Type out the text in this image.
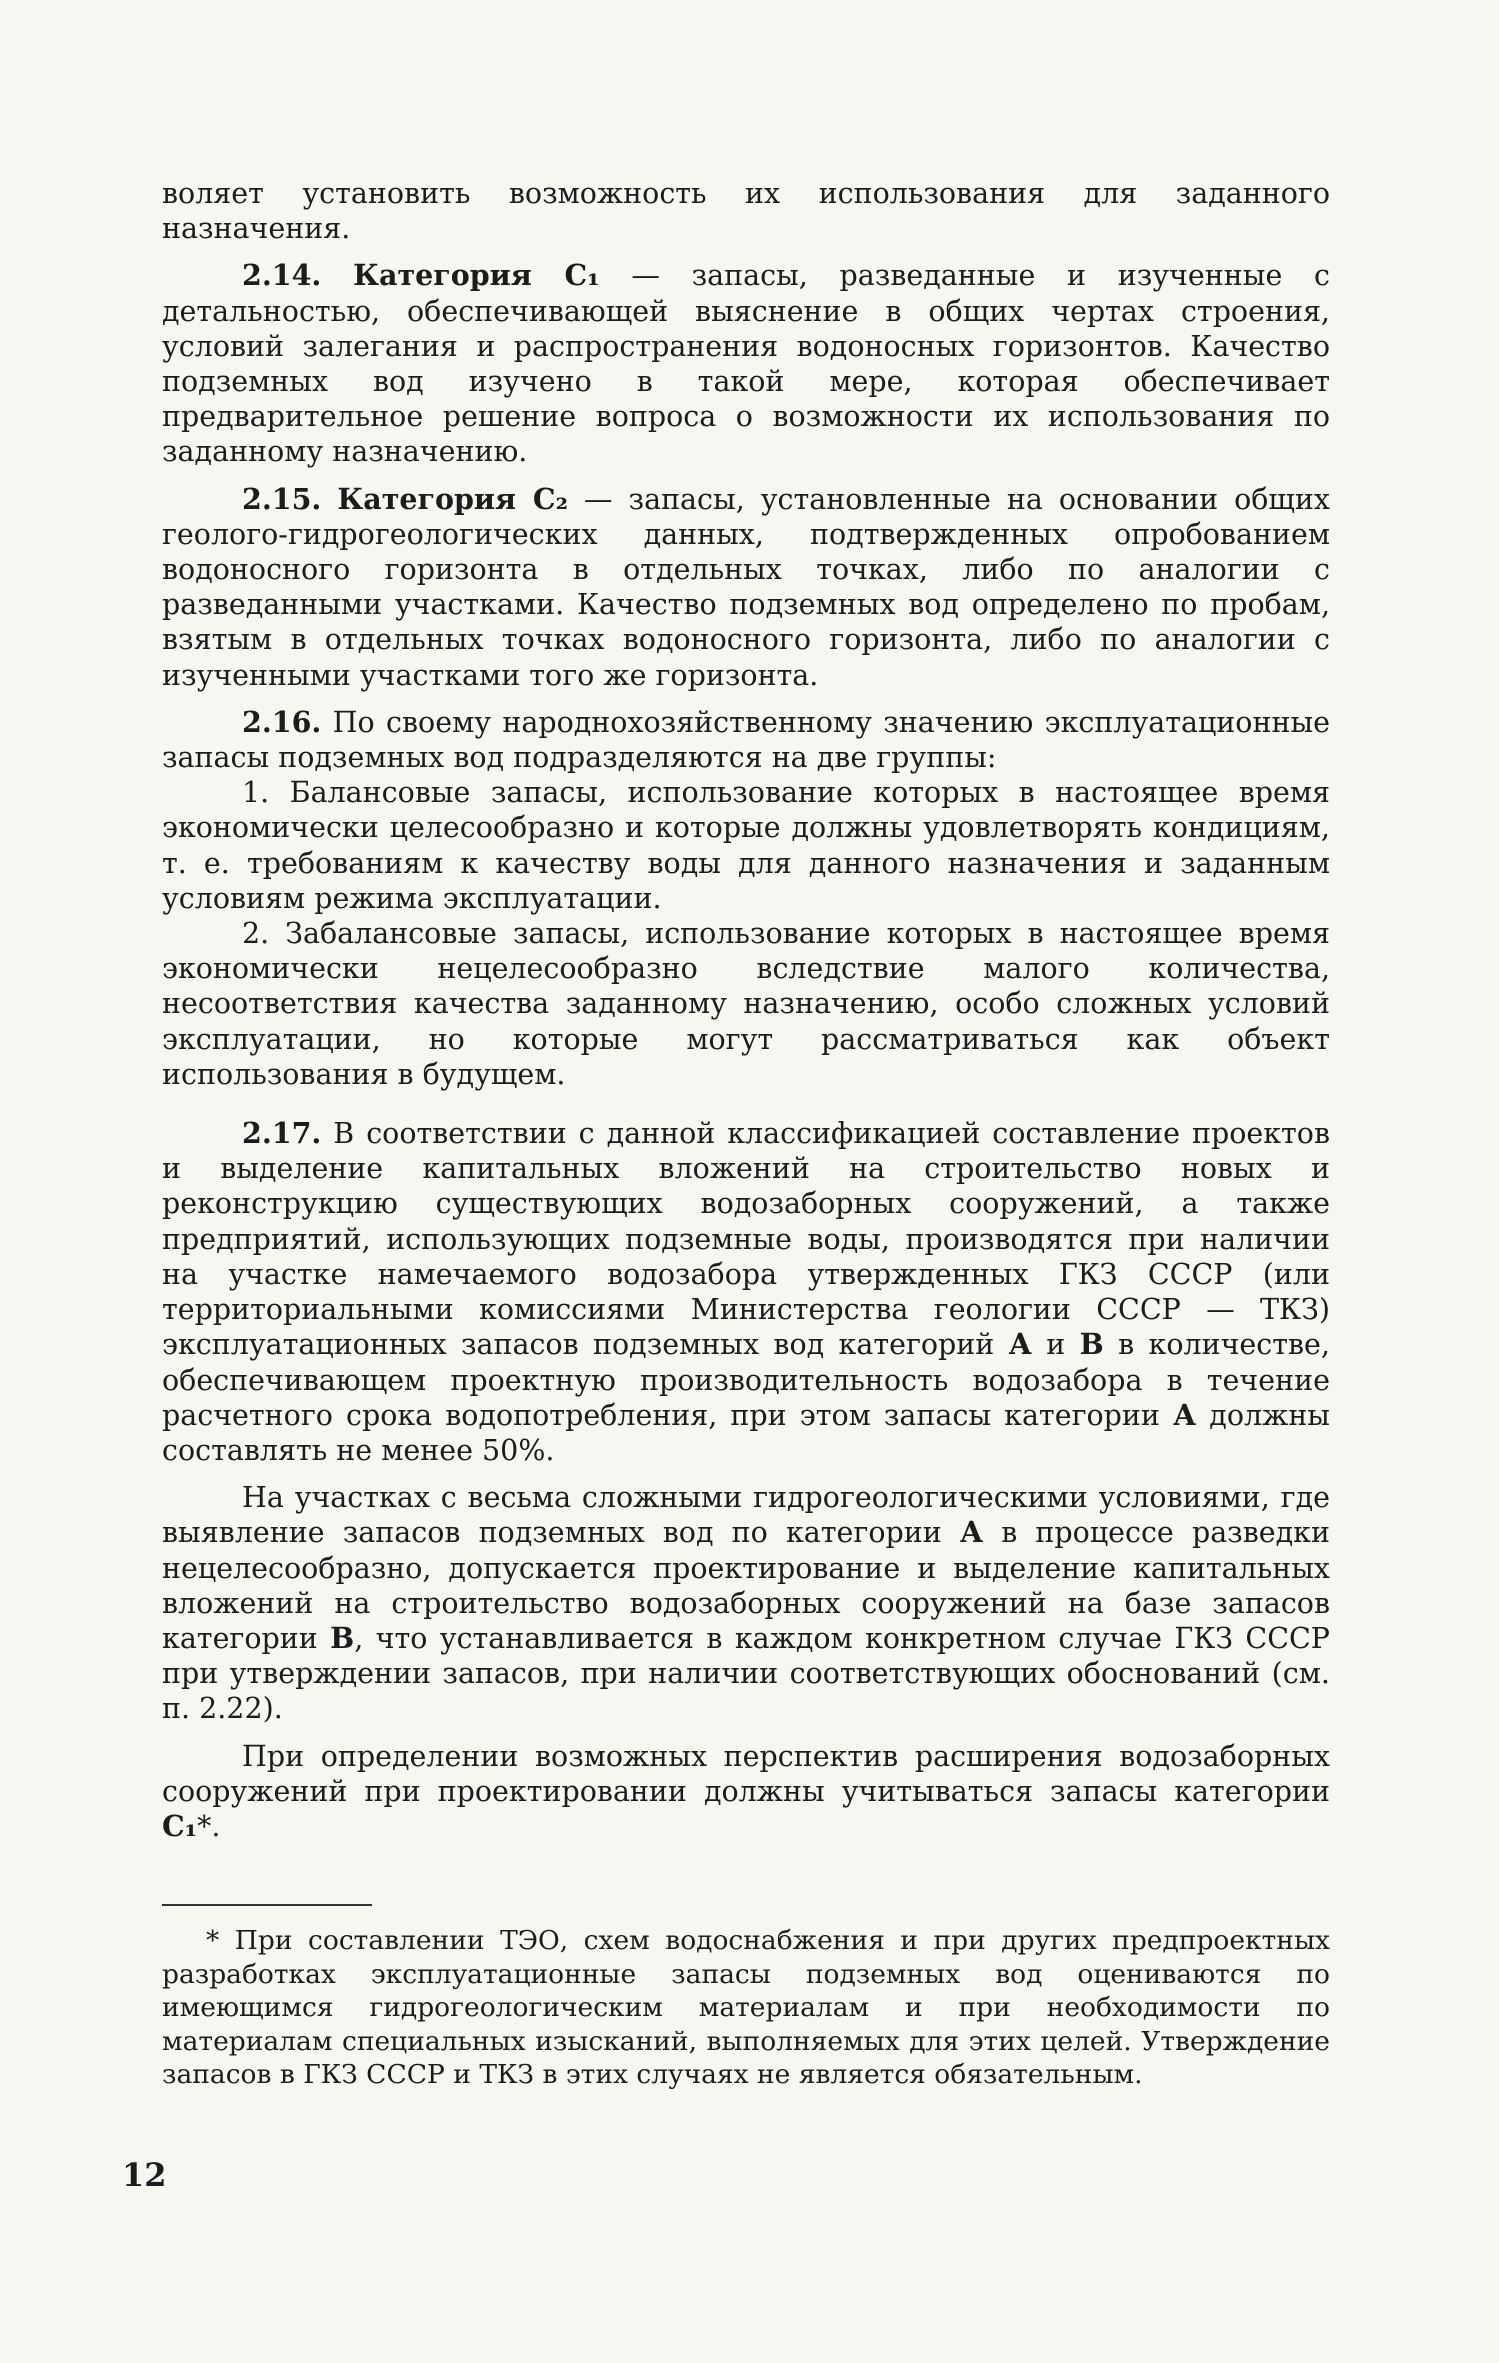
воляет установить возможность их использования для заданного назначения.

2.14. Категория С₁ — запасы, разведанные и изученные с детальностью, обеспечивающей выяснение в общих чертах строения, условий залегания и распространения водоносных горизонтов. Качество подземных вод изучено в такой мере, которая обеспечивает предварительное решение вопроса о возможности их использования по заданному назначению.

2.15. Категория С₂ — запасы, установленные на основании общих геолого-гидрогеологических данных, подтвержденных опробованием водоносного горизонта в отдельных точках, либо по аналогии с разведанными участками. Качество подземных вод определено по пробам, взятым в отдельных точках водоносного горизонта, либо по аналогии с изученными участками того же горизонта.

2.16. По своему народнохозяйственному значению эксплуатационные запасы подземных вод подразделяются на две группы:

1. Балансовые запасы, использование которых в настоящее время экономически целесообразно и которые должны удовлетворять кондициям, т. е. требованиям к качеству воды для данного назначения и заданным условиям режима эксплуатации.

2. Забалансовые запасы, использование которых в настоящее время экономически нецелесообразно вследствие малого количества, несоответствия качества заданному назначению, особо сложных условий эксплуатации, но которые могут рассматриваться как объект использования в будущем.

2.17. В соответствии с данной классификацией составление проектов и выделение капитальных вложений на строительство новых и реконструкцию существующих водозаборных сооружений, а также предприятий, использующих подземные воды, производятся при наличии на участке намечаемого водозабора утвержденных ГКЗ СССР (или территориальными комиссиями Министерства геологии СССР — ТКЗ) эксплуатационных запасов подземных вод категорий А и В в количестве, обеспечивающем проектную производительность водозабора в течение расчетного срока водопотребления, при этом запасы категории А должны составлять не менее 50%.

На участках с весьма сложными гидрогеологическими условиями, где выявление запасов подземных вод по категории А в процессе разведки нецелесообразно, допускается проектирование и выделение капитальных вложений на строительство водозаборных сооружений на базе запасов категории В, что устанавливается в каждом конкретном случае ГКЗ СССР при утверждении запасов, при наличии соответствующих обоснований (см. п. 2.22).

При определении возможных перспектив расширения водозаборных сооружений при проектировании должны учитываться запасы категории С₁*.

* При составлении ТЭО, схем водоснабжения и при других предпроектных разработках эксплуатационные запасы подземных вод оцениваются по имеющимся гидрогеологическим материалам и при необходимости по материалам специальных изысканий, выполняемых для этих целей. Утверждение запасов в ГКЗ СССР и ТКЗ в этих случаях не является обязательным.

12
